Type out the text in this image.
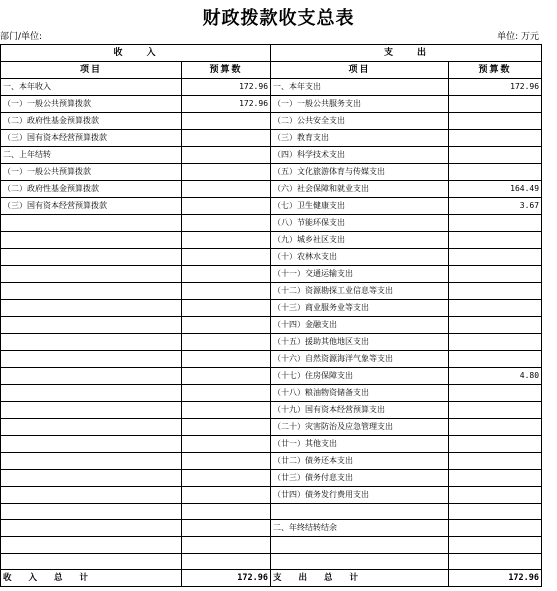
财政拨款收支总表
部门/单位:	单位: 万元
收　　入		支　　出	
项目	预算数	项目	预算数
一、本年收入	172.96	一、本年支出	172.96
（一）一般公共预算拨款	172.96	（一）一般公共服务支出	
（二）政府性基金预算拨款		（二）公共安全支出	
（三）国有资本经营预算拨款		（三）教育支出	
二、上年结转		（四）科学技术支出	
（一）一般公共预算拨款		（五）文化旅游体育与传媒支出	
（二）政府性基金预算拨款		（六）社会保障和就业支出	164.49
（三）国有资本经营预算拨款		（七）卫生健康支出	3.67
		（八）节能环保支出	
		（九）城乡社区支出	
		（十）农林水支出	
		（十一）交通运输支出	
		（十二）资源勘探工业信息等支出	
		（十三）商业服务业等支出	
		（十四）金融支出	
		（十五）援助其他地区支出	
		（十六）自然资源海洋气象等支出	
		（十七）住房保障支出	4.80
		（十八）粮油物资储备支出	
		（十九）国有资本经营预算支出	
		（二十）灾害防治及应急管理支出	
		（廿一）其他支出	
		（廿二）债务还本支出	
		（廿三）债务付息支出	
		（廿四）债务发行费用支出	

		二、年终结转结余	

收　　入　　总　　计	172.96	支　　出　　总　　计	172.96
